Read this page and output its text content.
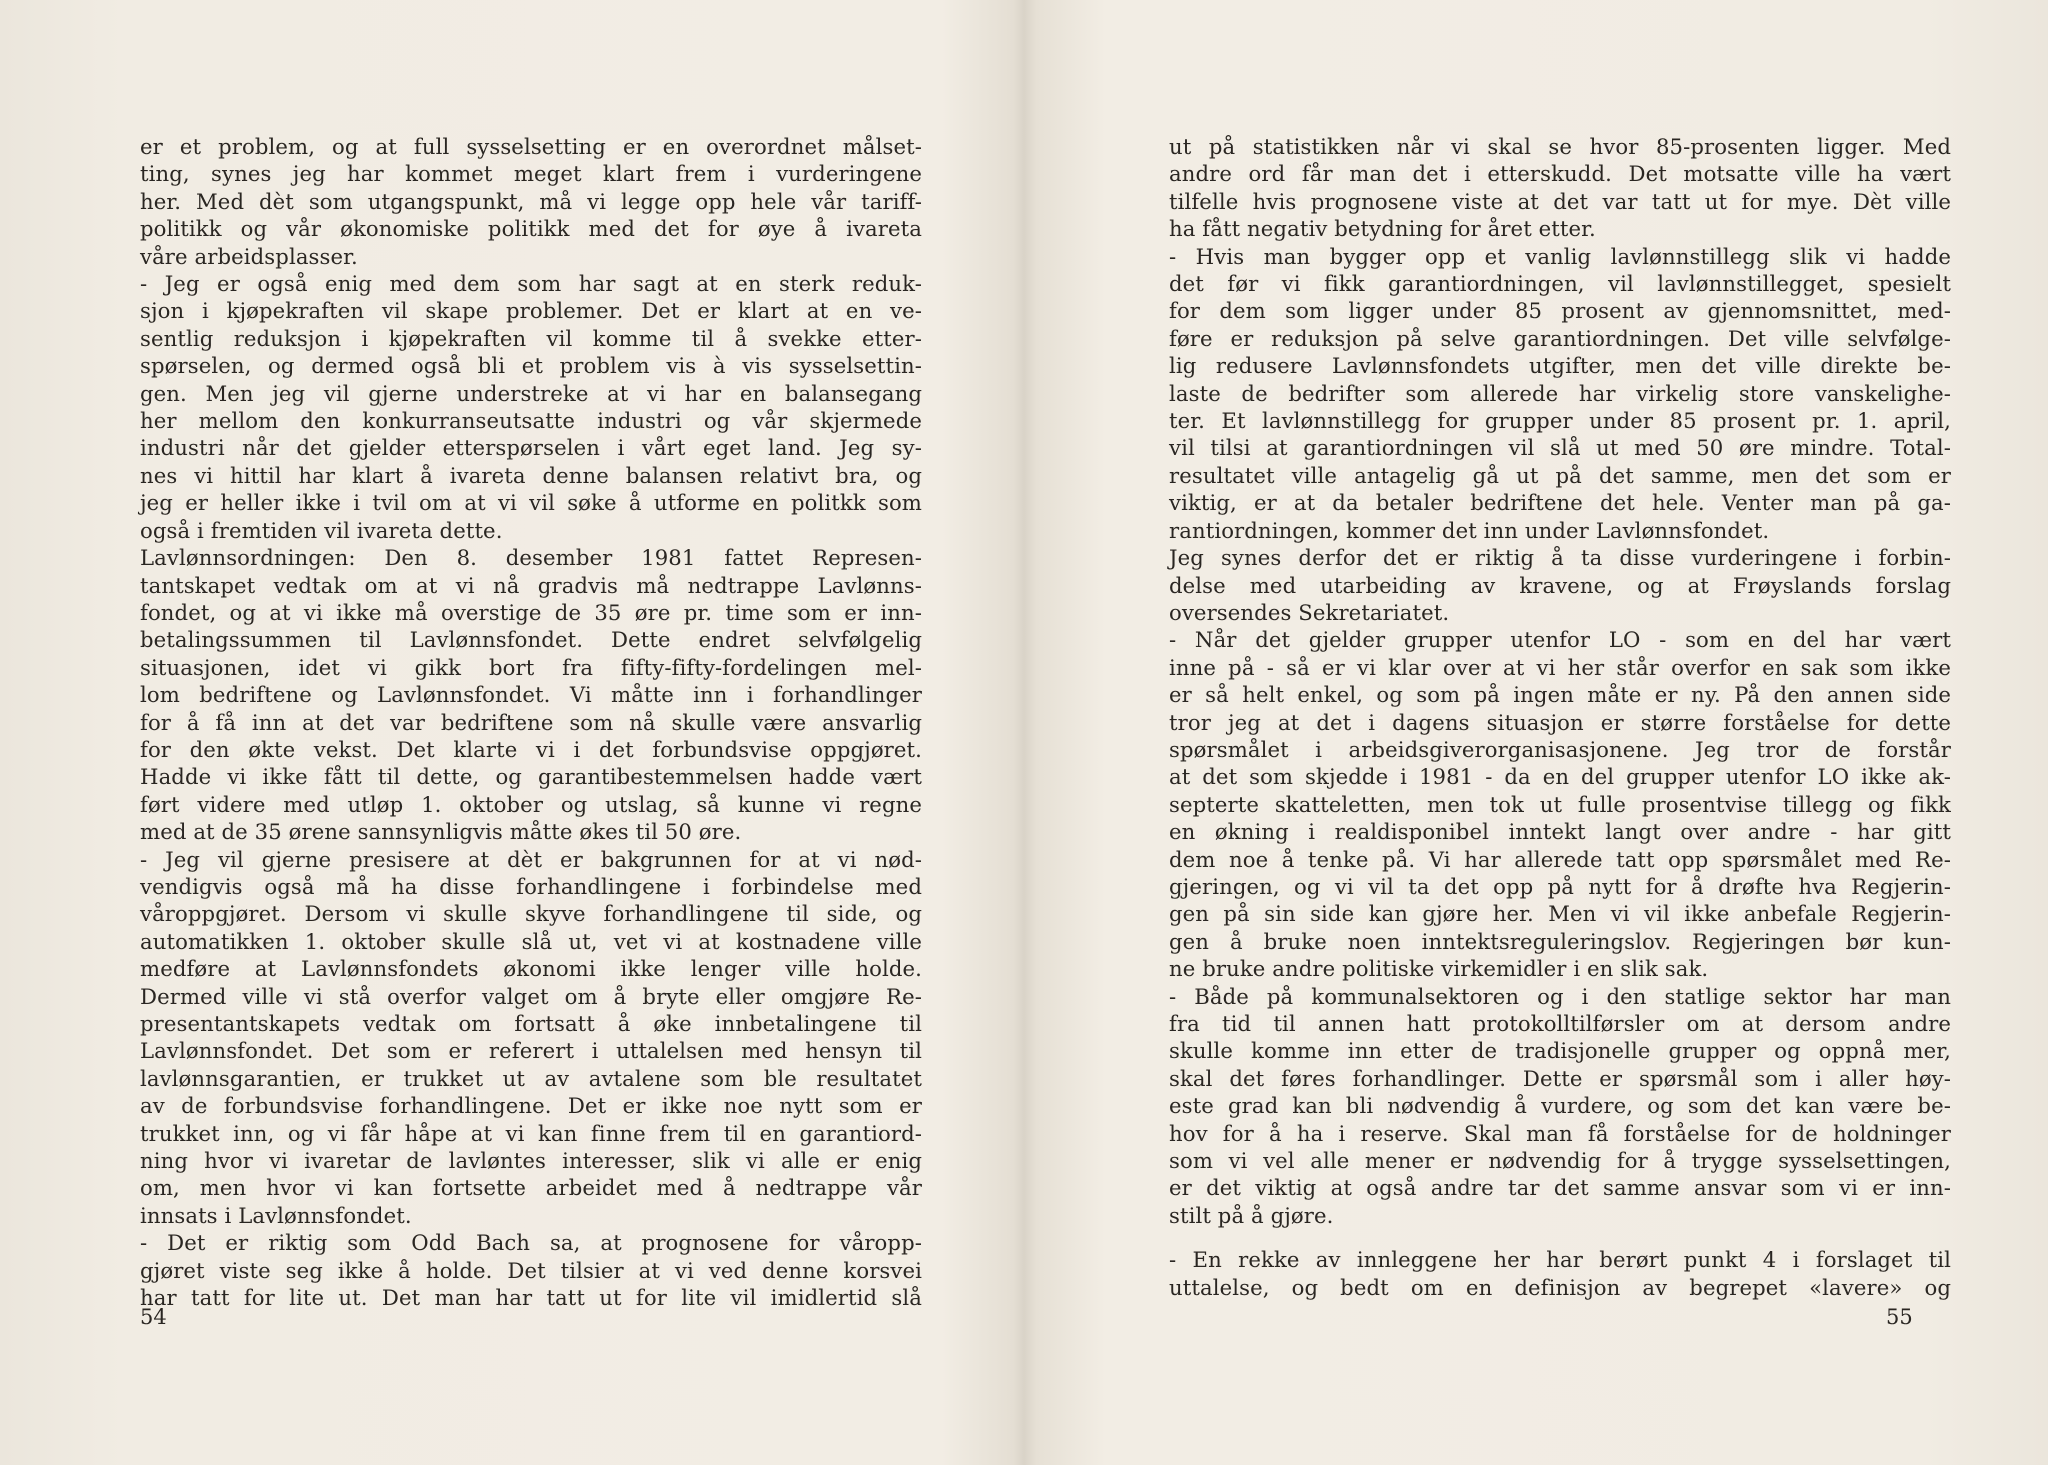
er et problem, og at full sysselsetting er en overordnet målset-
ting, synes jeg har kommet meget klart frem i vurderingene
her. Med dèt som utgangspunkt, må vi legge opp hele vår tariff-
politikk og vår økonomiske politikk med det for øye å ivareta
våre arbeidsplasser.
- Jeg er også enig med dem som har sagt at en sterk reduk-
sjon i kjøpekraften vil skape problemer. Det er klart at en ve-
sentlig reduksjon i kjøpekraften vil komme til å svekke etter-
spørselen, og dermed også bli et problem vis à vis sysselsettin-
gen. Men jeg vil gjerne understreke at vi har en balansegang
her mellom den konkurranseutsatte industri og vår skjermede
industri når det gjelder etterspørselen i vårt eget land. Jeg sy-
nes vi hittil har klart å ivareta denne balansen relativt bra, og
jeg er heller ikke i tvil om at vi vil søke å utforme en politkk som
også i fremtiden vil ivareta dette.
Lavlønnsordningen: Den 8. desember 1981 fattet Represen-
tantskapet vedtak om at vi nå gradvis må nedtrappe Lavlønns-
fondet, og at vi ikke må overstige de 35 øre pr. time som er inn-
betalingssummen til Lavlønnsfondet. Dette endret selvfølgelig
situasjonen, idet vi gikk bort fra fifty-fifty-fordelingen mel-
lom bedriftene og Lavlønnsfondet. Vi måtte inn i forhandlinger
for å få inn at det var bedriftene som nå skulle være ansvarlig
for den økte vekst. Det klarte vi i det forbundsvise oppgjøret.
Hadde vi ikke fått til dette, og garantibestemmelsen hadde vært
ført videre med utløp 1. oktober og utslag, så kunne vi regne
med at de 35 ørene sannsynligvis måtte økes til 50 øre.
- Jeg vil gjerne presisere at dèt er bakgrunnen for at vi nød-
vendigvis også må ha disse forhandlingene i forbindelse med
våroppgjøret. Dersom vi skulle skyve forhandlingene til side, og
automatikken 1. oktober skulle slå ut, vet vi at kostnadene ville
medføre at Lavlønnsfondets økonomi ikke lenger ville holde.
Dermed ville vi stå overfor valget om å bryte eller omgjøre Re-
presentantskapets vedtak om fortsatt å øke innbetalingene til
Lavlønnsfondet. Det som er referert i uttalelsen med hensyn til
lavlønnsgarantien, er trukket ut av avtalene som ble resultatet
av de forbundsvise forhandlingene. Det er ikke noe nytt som er
trukket inn, og vi får håpe at vi kan finne frem til en garantiord-
ning hvor vi ivaretar de lavløntes interesser, slik vi alle er enig
om, men hvor vi kan fortsette arbeidet med å nedtrappe vår
innsats i Lavlønnsfondet.
- Det er riktig som Odd Bach sa, at prognosene for våropp-
gjøret viste seg ikke å holde. Det tilsier at vi ved denne korsvei
har tatt for lite ut. Det man har tatt ut for lite vil imidlertid slå
54
ut på statistikken når vi skal se hvor 85-prosenten ligger. Med
andre ord får man det i etterskudd. Det motsatte ville ha vært
tilfelle hvis prognosene viste at det var tatt ut for mye. Dèt ville
ha fått negativ betydning for året etter.
- Hvis man bygger opp et vanlig lavlønnstillegg slik vi hadde
det før vi fikk garantiordningen, vil lavlønnstillegget, spesielt
for dem som ligger under 85 prosent av gjennomsnittet, med-
føre er reduksjon på selve garantiordningen. Det ville selvfølge-
lig redusere Lavlønnsfondets utgifter, men det ville direkte be-
laste de bedrifter som allerede har virkelig store vanskelighe-
ter. Et lavlønnstillegg for grupper under 85 prosent pr. 1. april,
vil tilsi at garantiordningen vil slå ut med 50 øre mindre. Total-
resultatet ville antagelig gå ut på det samme, men det som er
viktig, er at da betaler bedriftene det hele. Venter man på ga-
rantiordningen, kommer det inn under Lavlønnsfondet.
Jeg synes derfor det er riktig å ta disse vurderingene i forbin-
delse med utarbeiding av kravene, og at Frøyslands forslag
oversendes Sekretariatet.
- Når det gjelder grupper utenfor LO - som en del har vært
inne på - så er vi klar over at vi her står overfor en sak som ikke
er så helt enkel, og som på ingen måte er ny. På den annen side
tror jeg at det i dagens situasjon er større forståelse for dette
spørsmålet i arbeidsgiverorganisasjonene. Jeg tror de forstår
at det som skjedde i 1981 - da en del grupper utenfor LO ikke ak-
septerte skatteletten, men tok ut fulle prosentvise tillegg og fikk
en økning i realdisponibel inntekt langt over andre - har gitt
dem noe å tenke på. Vi har allerede tatt opp spørsmålet med Re-
gjeringen, og vi vil ta det opp på nytt for å drøfte hva Regjerin-
gen på sin side kan gjøre her. Men vi vil ikke anbefale Regjerin-
gen å bruke noen inntektsreguleringslov. Regjeringen bør kun-
ne bruke andre politiske virkemidler i en slik sak.
- Både på kommunalsektoren og i den statlige sektor har man
fra tid til annen hatt protokolltilførsler om at dersom andre
skulle komme inn etter de tradisjonelle grupper og oppnå mer,
skal det føres forhandlinger. Dette er spørsmål som i aller høy-
este grad kan bli nødvendig å vurdere, og som det kan være be-
hov for å ha i reserve. Skal man få forståelse for de holdninger
som vi vel alle mener er nødvendig for å trygge sysselsettingen,
er det viktig at også andre tar det samme ansvar som vi er inn-
stilt på å gjøre.
- En rekke av innleggene her har berørt punkt 4 i forslaget til
uttalelse, og bedt om en definisjon av begrepet «lavere» og
55
